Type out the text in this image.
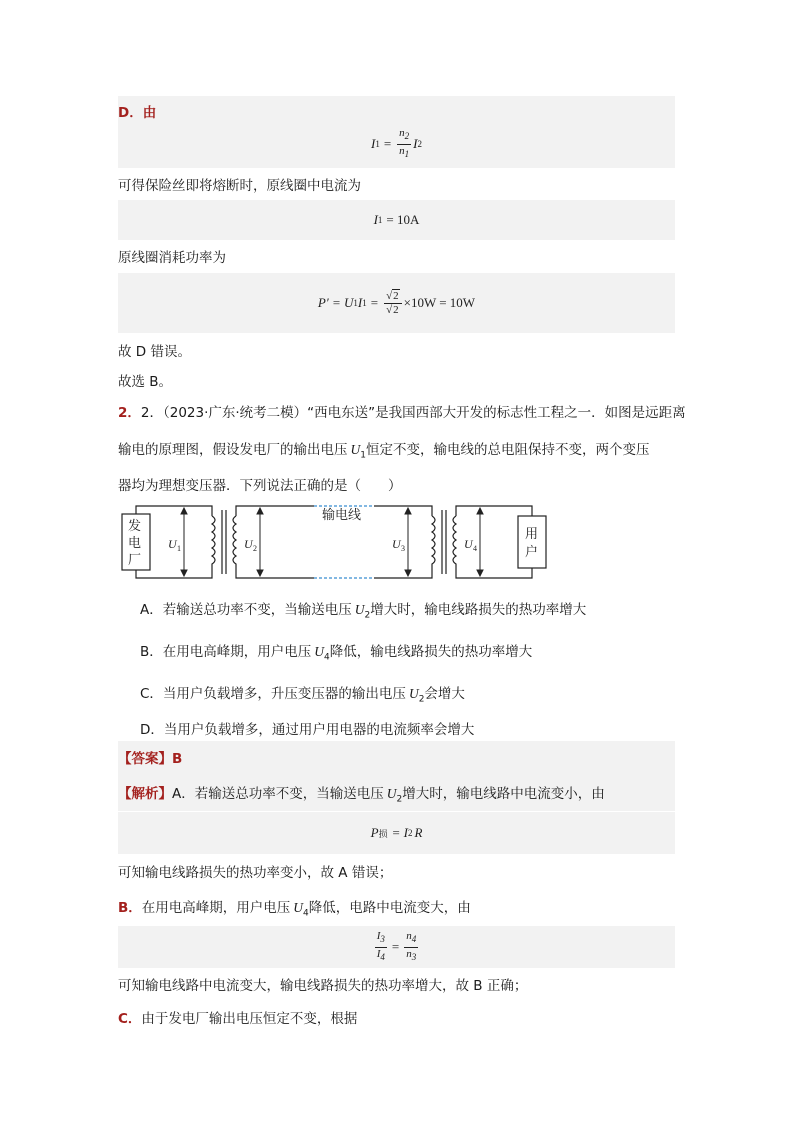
D．由
I $1 = \frac{n_2}{n_1}$ I 2
可得保险丝即将熔断时，原线圈中电流为
I 1 = 10A
原线圈消耗功率为
P′ = U 1 I $1 = \frac{√2}{√2} \times 10W = 10W$
故 D 错误。
故选 B。
2．2．（2023·广东·统考二模）“西电东送”是我国西部大开发的标志性工程之一．如图是远距离
输电的原理图，假设发电厂的输出电压 $U_1$恒定不变，输电线的总电阻保持不变，两个变压
器均为理想变压器．下列说法正确的是（　　）
发
电
厂
用
户
输电线
U 1	U 2	U 3	U 4
A．若输送总功率不变，当输送电压 $U_2$增大时，输电线路损失的热功率增大
B．在用电高峰期，用户电压 $U_4$降低，输电线路损失的热功率增大
C．当用户负载增多，升压变压器的输出电压 $U_2$会增大
D．当用户负载增多，通过用户用电器的电流频率会增大
【答案】B
【解析】A．若输送总功率不变，当输送电压 $U_2$增大时，输电线路中电流变小，由
P 损 = I 2 R
可知输电线路损失的热功率变小，故 A 错误；
B．在用电高峰期，用户电压 $U_4$降低，电路中电流变大，由
$\frac{I_3}{I_4} = \frac{n_4}{n_3}$
可知输电线路中电流变大，输电线路损失的热功率增大，故 B 正确；
C．由于发电厂输出电压恒定不变，根据
